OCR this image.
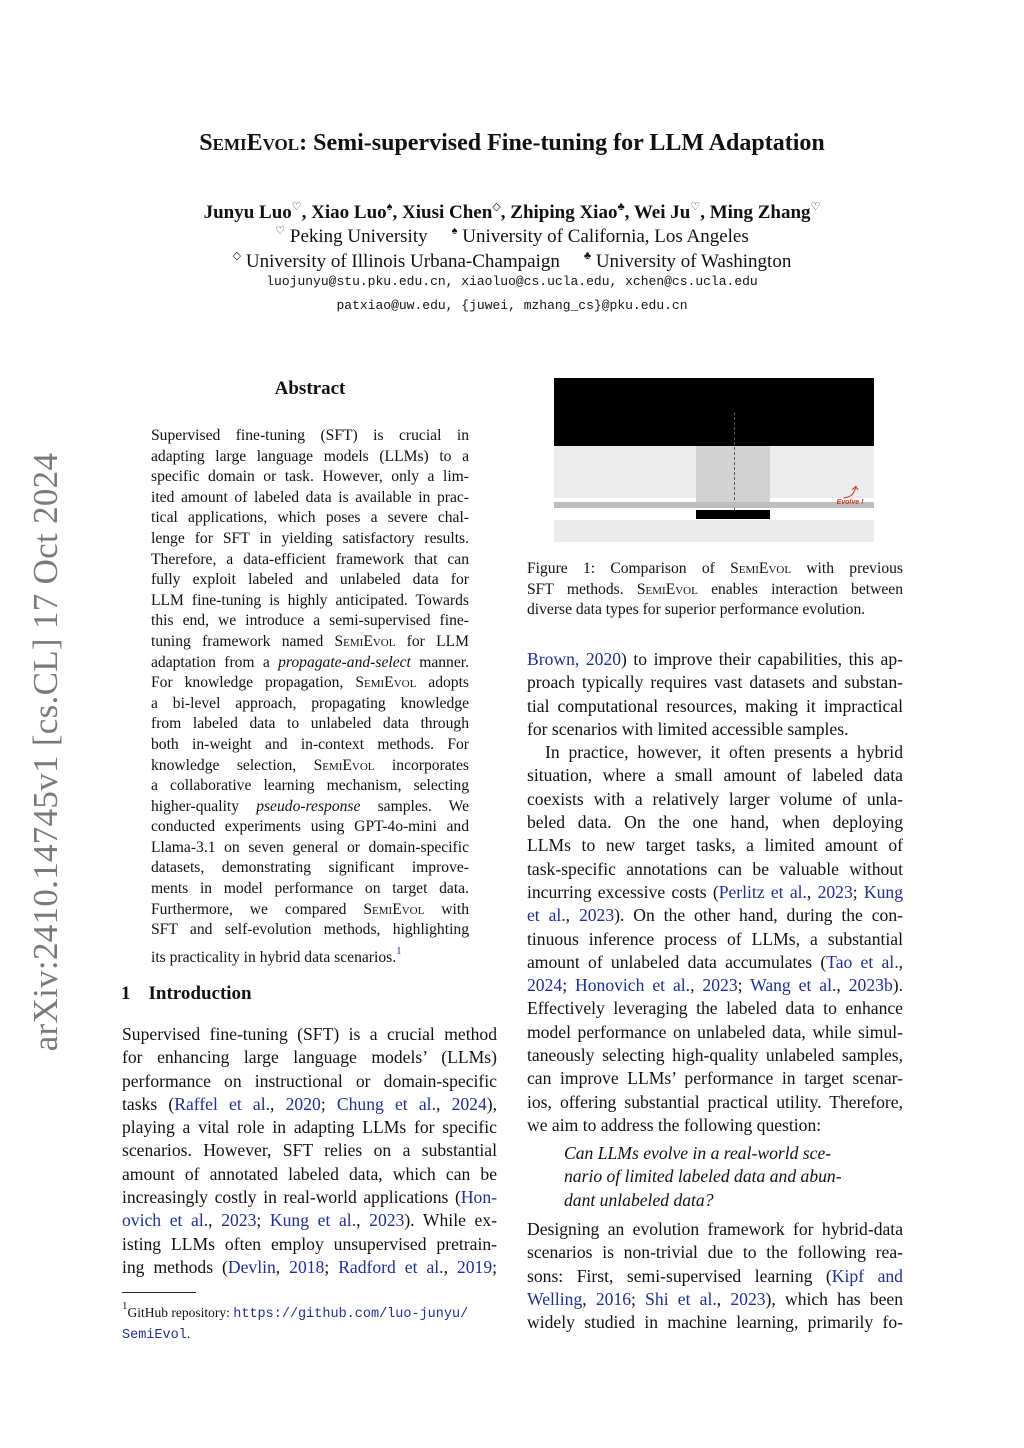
arXiv:2410.14745v1 [cs.CL] 17 Oct 2024
SemiEvol: Semi-supervised Fine-tuning for LLM Adaptation
Junyu Luo♡, Xiao Luo♠, Xiusi Chen◇, Zhiping Xiao♣, Wei Ju♡, Ming Zhang♡
♡ Peking University ♠ University of California, Los Angeles
◇ University of Illinois Urbana-Champaign ♣ University of Washington
luojunyu@stu.pku.edu.cn, xiaoluo@cs.ucla.edu, xchen@cs.ucla.edu
patxiao@uw.edu, {juwei, mzhang_cs}@pku.edu.cn
Abstract
Supervised fine-tuning (SFT) is crucial in
adapting large language models (LLMs) to a
specific domain or task. However, only a lim-
ited amount of labeled data is available in prac-
tical applications, which poses a severe chal-
lenge for SFT in yielding satisfactory results.
Therefore, a data-efficient framework that can
fully exploit labeled and unlabeled data for
LLM fine-tuning is highly anticipated. Towards
this end, we introduce a semi-supervised fine-
tuning framework named SemiEvol for LLM
adaptation from a propagate-and-select manner.
For knowledge propagation, SemiEvol adopts
a bi-level approach, propagating knowledge
from labeled data to unlabeled data through
both in-weight and in-context methods. For
knowledge selection, SemiEvol incorporates
a collaborative learning mechanism, selecting
higher-quality pseudo-response samples. We
conducted experiments using GPT-4o-mini and
Llama-3.1 on seven general or domain-specific
datasets, demonstrating significant improve-
ments in model performance on target data.
Furthermore, we compared SemiEvol with
SFT and self-evolution methods, highlighting
its practicality in hybrid data scenarios.$^1$
1 Introduction
Supervised fine-tuning (SFT) is a crucial method
for enhancing large language models’ (LLMs)
performance on instructional or domain-specific
tasks (Raffel et al., 2020; Chung et al., 2024),
playing a vital role in adapting LLMs for specific
scenarios. However, SFT relies on a substantial
amount of annotated labeled data, which can be
increasingly costly in real-world applications (Hon-
ovich et al., 2023; Kung et al., 2023). While ex-
isting LLMs often employ unsupervised pretrain-
ing methods (Devlin, 2018; Radford et al., 2019;
$^1$GitHub repository: https://github.com/luo-junyu/
SemiEvol.
⤴
Evolve !
Figure 1: Comparison of SemiEvol with previous
SFT methods. SemiEvol enables interaction between
diverse data types for superior performance evolution.
Brown, 2020) to improve their capabilities, this ap-
proach typically requires vast datasets and substan-
tial computational resources, making it impractical
for scenarios with limited accessible samples.
In practice, however, it often presents a hybrid
situation, where a small amount of labeled data
coexists with a relatively larger volume of unla-
beled data. On the one hand, when deploying
LLMs to new target tasks, a limited amount of
task-specific annotations can be valuable without
incurring excessive costs (Perlitz et al., 2023; Kung
et al., 2023). On the other hand, during the con-
tinuous inference process of LLMs, a substantial
amount of unlabeled data accumulates (Tao et al.,
2024; Honovich et al., 2023; Wang et al., 2023b).
Effectively leveraging the labeled data to enhance
model performance on unlabeled data, while simul-
taneously selecting high-quality unlabeled samples,
can improve LLMs’ performance in target scenar-
ios, offering substantial practical utility. Therefore,
we aim to address the following question:
Can LLMs evolve in a real-world sce-
nario of limited labeled data and abun-
dant unlabeled data?
Designing an evolution framework for hybrid-data
scenarios is non-trivial due to the following rea-
sons: First, semi-supervised learning (Kipf and
Welling, 2016; Shi et al., 2023), which has been
widely studied in machine learning, primarily fo-
